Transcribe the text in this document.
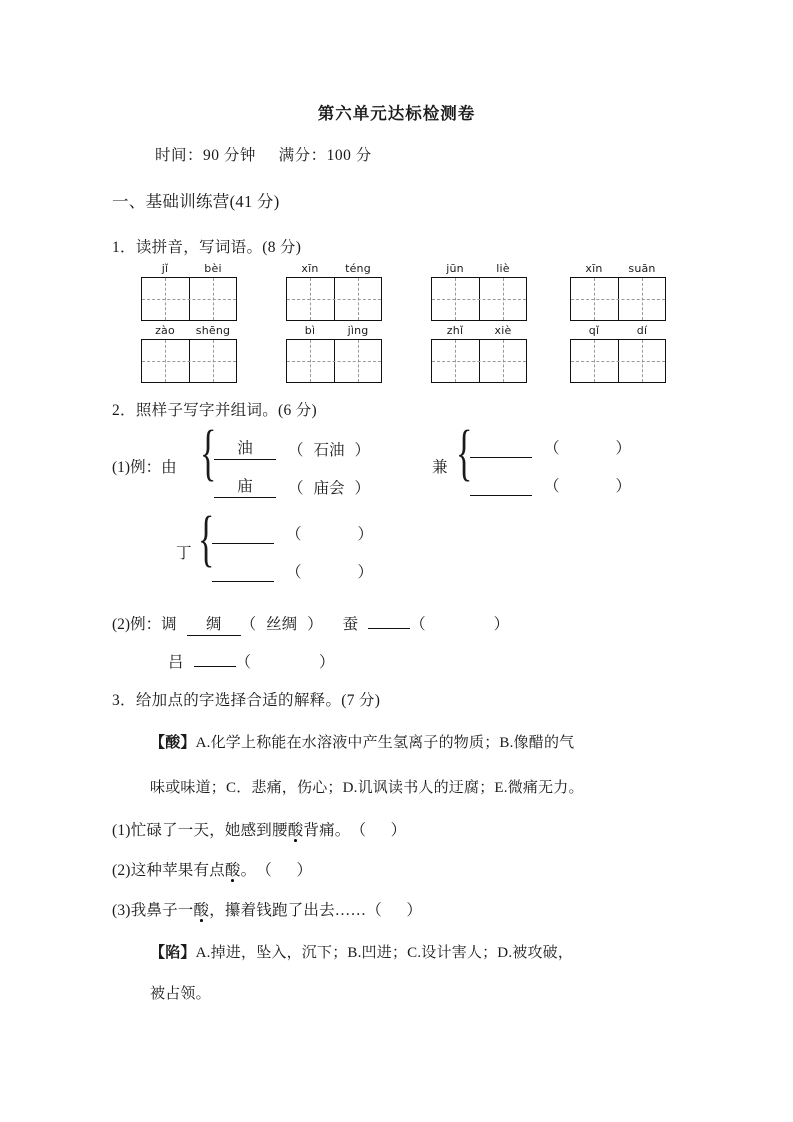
第六单元达标检测卷
时间：90 分钟 满分：100 分
一、基础训练营(41 分)
1．读拼音，写词语。(8 分)
jǐ	bèi	xīn	téng	jūn	liè	xīn	suān
zào	shēng	bì	jìng	zhǐ	xiè	qǐ	dí
2．照样子写字并组词。(6 分)
(1)例：由 {	油	（ 石油 ）
庙	（ 庙会 ）
兼 {	（	）
（	）
丁 {	（	）
（	）
(2)例：调 绸 （ 丝绸 ） 蚕	（	）
吕	（	）
3．给加点的字选择合适的解释。(7 分)
【酸】A.化学上称能在水溶液中产生氢离子的物质；B.像醋的气
味或味道；C．悲痛，伤心；D.讥讽读书人的迂腐；E.微痛无力。
(1)忙碌了一天，她感到腰酸背痛。（      ）
(2)这种苹果有点酸。（      ）
(3)我鼻子一酸，攥着钱跑了出去……（      ）
【陷】A.掉进，坠入，沉下；B.凹进；C.设计害人；D.被攻破，
被占领。
